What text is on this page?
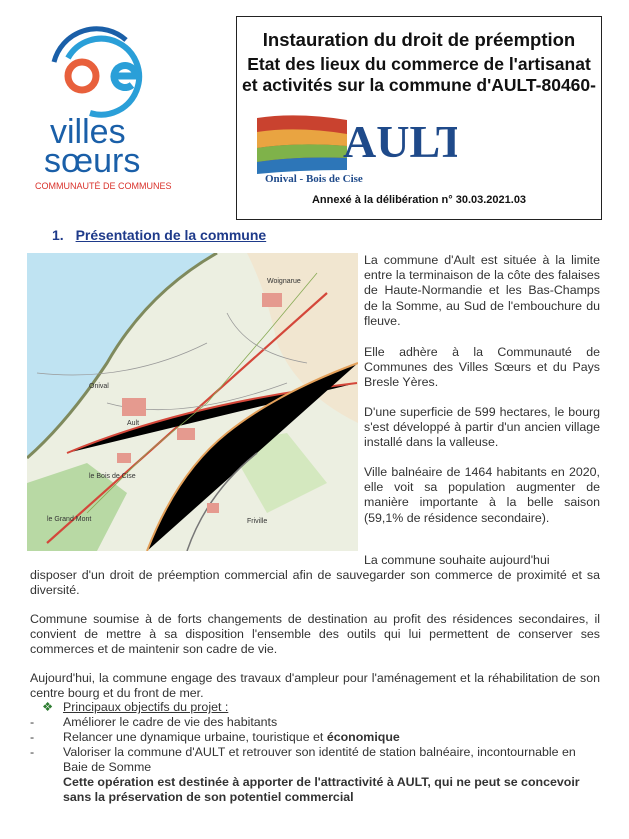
villes
sœurs
COMMUNAUTÉ DE COMMUNES
Instauration du droit de préemption
Etat des lieux du commerce de l'artisanat
et activités sur la commune d'AULT-80460-
AULT
Onival - Bois de Cise
Annexé à la délibération n° 30.03.2021.03
1. Présentation de la commune
Onival
le Bois de Cise
le Grand Mont
Ault
Woignarue
Friville
La commune d'Ault est située à la limite entre la terminaison de la côte des falaises de Haute-Normandie et les Bas-Champs de la Somme, au Sud de l'embouchure du fleuve.
Elle adhère à la Communauté de Communes des Villes Sœurs et du Pays Bresle Yères.
D'une superficie de 599 hectares, le bourg s'est développé à partir d'un ancien village installé dans la valleuse.
Ville balnéaire de 1464 habitants en 2020, elle voit sa population augmenter de manière importante à la belle saison (59,1% de résidence secondaire).
La commune souhaite aujourd'hui
disposer d'un droit de préemption commercial afin de sauvegarder son commerce de proximité et sa diversité.
Commune soumise à de forts changements de destination au profit des résidences secondaires, il convient de mettre à sa disposition l'ensemble des outils qui lui permettent de conserver ses commerces et de maintenir son cadre de vie.
Aujourd'hui, la commune engage des travaux d'ampleur pour l'aménagement et la réhabilitation de son centre bourg et du front de mer.
❖ Principaux objectifs du projet :
- Améliorer le cadre de vie des habitants
- Relancer une dynamique urbaine, touristique et économique
- Valoriser la commune d'AULT et retrouver son identité de station balnéaire, incontournable en Baie de Somme
Cette opération est destinée à apporter de l'attractivité à AULT, qui ne peut se concevoir sans la préservation de son potentiel commercial
